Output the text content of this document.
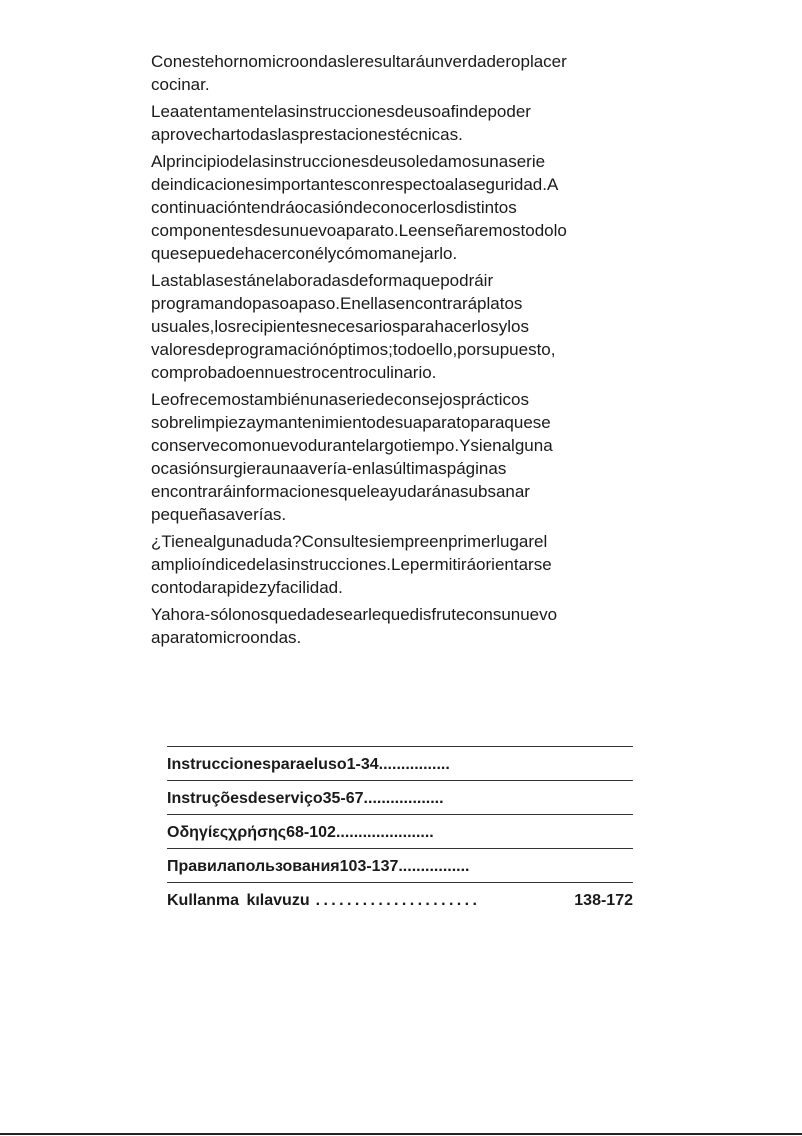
Conestehornomicroondasleresultaráunverdaderoplacer
cocinar.

Leaatentamentelasinstruccionesdeusoafindepoder
aprovechartodaslasprestacionestécnicas.

Alprincipiodelasinstruccionesdeusoledamosunaserie
deindicacionesimportantesconrespectoalaseguridad.A
continuacióntendráocasióndeconocerlosdistintos
componentesdesunuevoaparato.Leenseñaremostodolo
quesepuedehacerconélycómomanejarlo.

Lastablasestánelaboradasdeformaquepodráir
programandopasoapaso.Enellasencontraráplatos
usuales,losrecipientesnecesariosparahacerlosylos
valoresdeprogramaciónóptimos;todoello,porsupuesto,
comprobadoennuestrocentroculinario.

Leofrecemostambiénunaseriedeconsejosprácticos
sobrelimpiezaymantenimientodesuaparatoparaquese
conservecomonuevodurantelargotiempo.Ysienalguna
ocasiónsurgieraunaavería-enlasúltimaspáginas
encontraráinformacionesqueleayudaránasubsanar
pequeñasaverías.

¿Tienealgunaduda?Consultesiempreenprimerlugarel
amplioíndicedelasinstrucciones.Lepermitiráorientarse
contodarapidezyfacilidad.

Yahora-sólonosquedadesearlequedisfruteconsunuevo
aparatomicroondas.

Instruccionesparaeluso 1-34 ................
Instruçõesdeserviço 35-67 ..................
Οδηγίεςχρήσης 68-102 ......................
Правилапользования 103-137 ................
Kullanma kılavuzu .....................	138-172
